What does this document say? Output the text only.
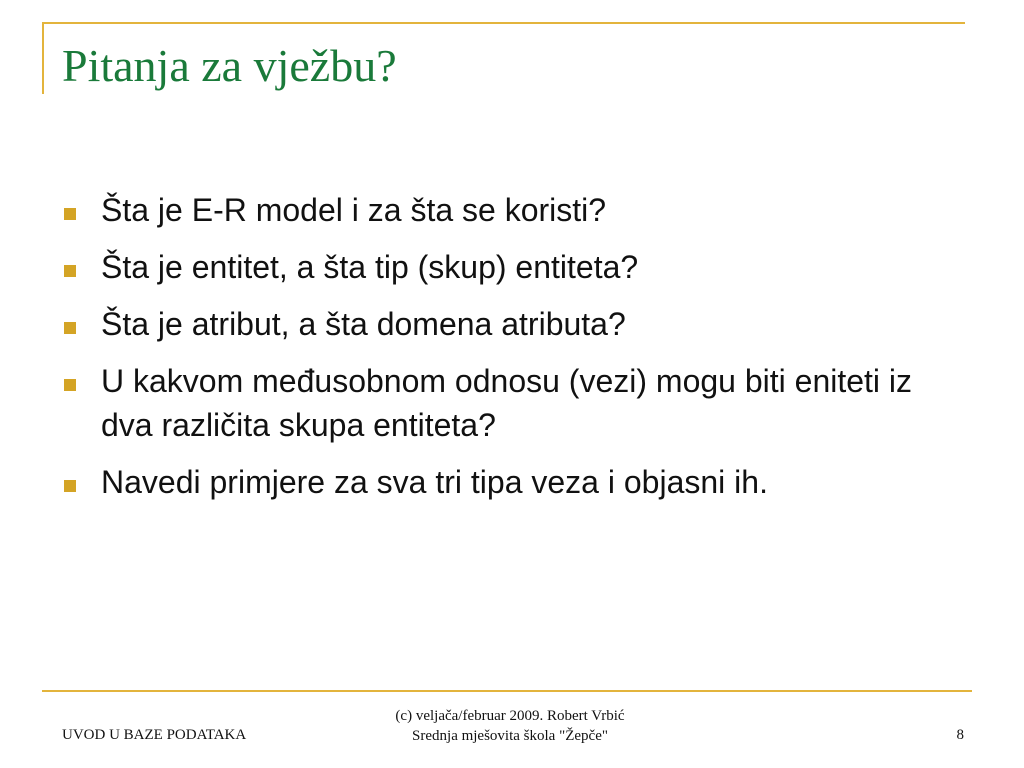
Pitanja za vježbu?
Šta je E-R model i za šta se koristi?
Šta je entitet, a šta tip (skup) entiteta?
Šta je atribut, a šta domena atributa?
U kakvom međusobnom odnosu (vezi) mogu biti eniteti iz dva različita skupa entiteta?
Navedi primjere za sva tri tipa veza i objasni ih.
UVOD U BAZE PODATAKA
(c) veljača/februar 2009. Robert Vrbić
Srednja mješovita škola "Žepče"	8
